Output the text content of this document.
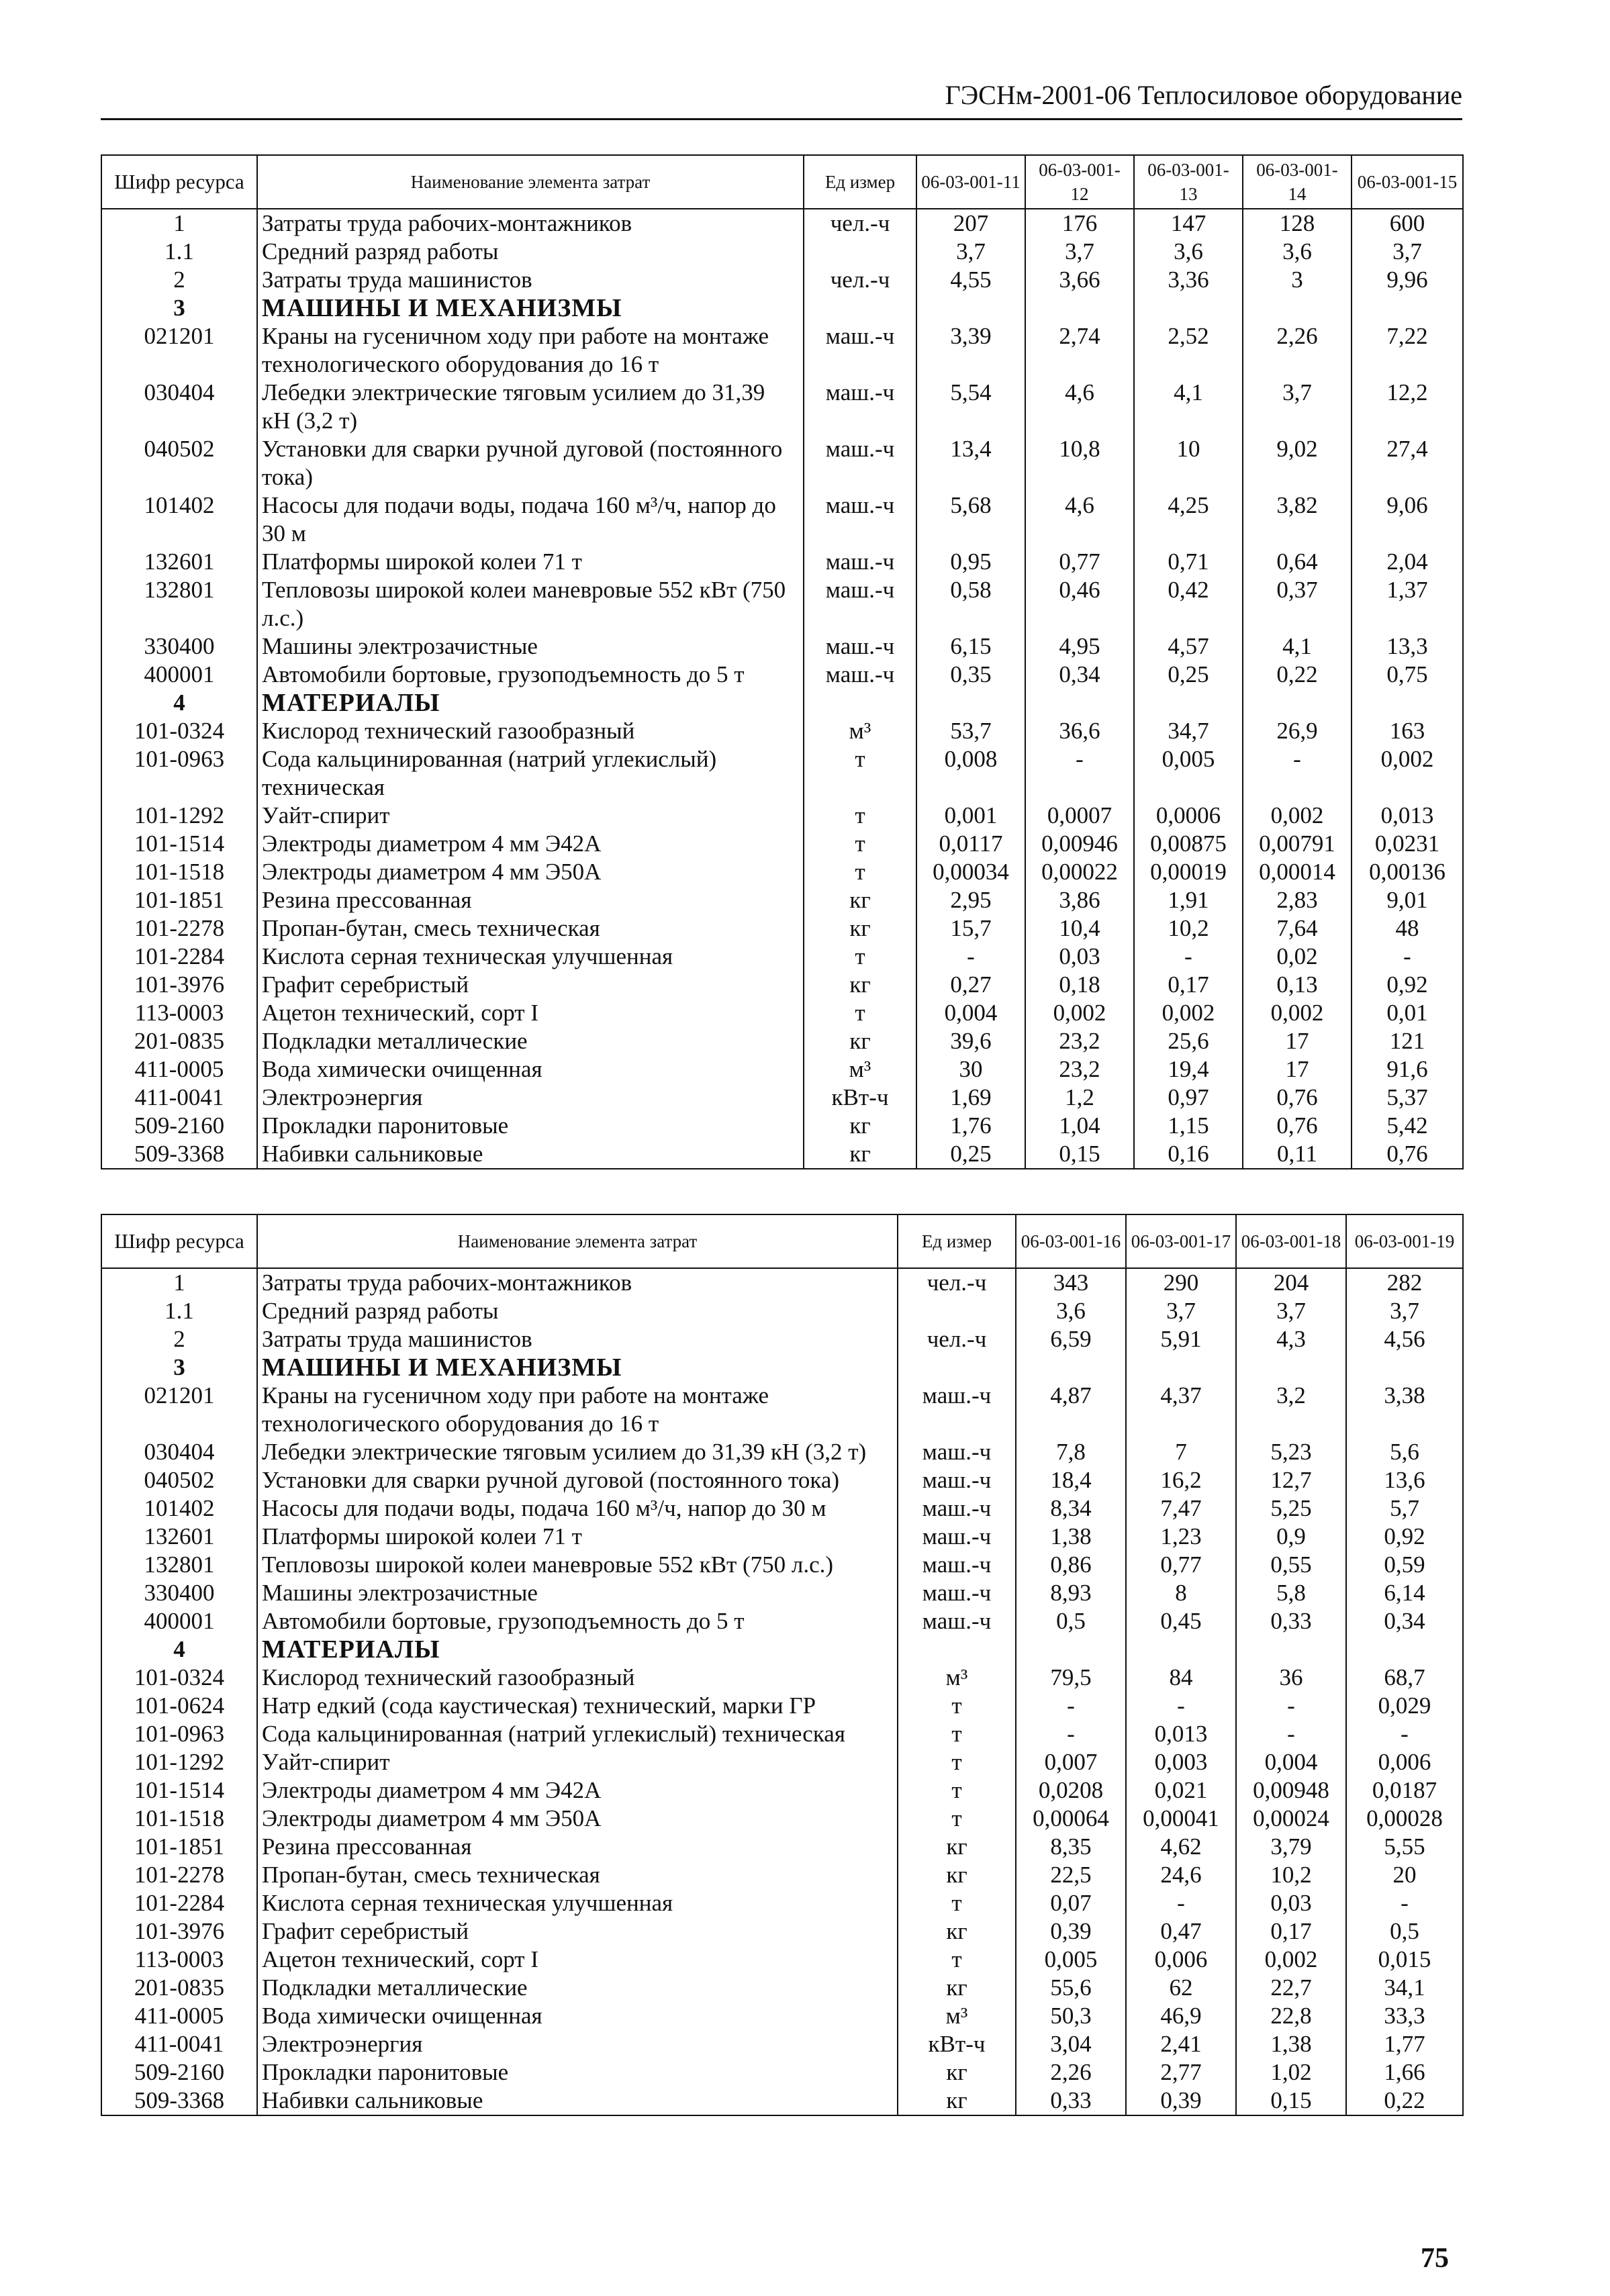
ГЭСНм-2001-06 Теплосиловое оборудование
Шифр ресурса	Наименование элемента затрат	Ед измер	06-03-001-11	06-03-001-12	06-03-001-13	06-03-001-14	06-03-001-15
1	Затраты труда рабочих-монтажников	чел.-ч	207	176	147	128	600
1.1	Средний разряд работы		3,7	3,7	3,6	3,6	3,7
2	Затраты труда машинистов	чел.-ч	4,55	3,66	3,36	3	9,96
3	МАШИНЫ И МЕХАНИЗМЫ						
021201	Краны на гусеничном ходу при работе на монтаже технологического оборудования до 16 т	маш.-ч	3,39	2,74	2,52	2,26	7,22
030404	Лебедки электрические тяговым усилием до 31,39 кН (3,2 т)	маш.-ч	5,54	4,6	4,1	3,7	12,2
040502	Установки для сварки ручной дуговой (постоянного тока)	маш.-ч	13,4	10,8	10	9,02	27,4
101402	Насосы для подачи воды, подача 160 м³/ч, напор до 30 м	маш.-ч	5,68	4,6	4,25	3,82	9,06
132601	Платформы широкой колеи 71 т	маш.-ч	0,95	0,77	0,71	0,64	2,04
132801	Тепловозы широкой колеи маневровые 552 кВт (750 л.с.)	маш.-ч	0,58	0,46	0,42	0,37	1,37
330400	Машины электрозачистные	маш.-ч	6,15	4,95	4,57	4,1	13,3
400001	Автомобили бортовые, грузоподъемность до 5 т	маш.-ч	0,35	0,34	0,25	0,22	0,75
4	МАТЕРИАЛЫ						
101-0324	Кислород технический газообразный	м³	53,7	36,6	34,7	26,9	163
101-0963	Сода кальцинированная (натрий углекислый) техническая	т	0,008	-	0,005	-	0,002
101-1292	Уайт-спирит	т	0,001	0,0007	0,0006	0,002	0,013
101-1514	Электроды диаметром 4 мм Э42А	т	0,0117	0,00946	0,00875	0,00791	0,0231
101-1518	Электроды диаметром 4 мм Э50А	т	0,00034	0,00022	0,00019	0,00014	0,00136
101-1851	Резина прессованная	кг	2,95	3,86	1,91	2,83	9,01
101-2278	Пропан-бутан, смесь техническая	кг	15,7	10,4	10,2	7,64	48
101-2284	Кислота серная техническая улучшенная	т	-	0,03	-	0,02	-
101-3976	Графит серебристый	кг	0,27	0,18	0,17	0,13	0,92
113-0003	Ацетон технический, сорт I	т	0,004	0,002	0,002	0,002	0,01
201-0835	Подкладки металлические	кг	39,6	23,2	25,6	17	121
411-0005	Вода химически очищенная	м³	30	23,2	19,4	17	91,6
411-0041	Электроэнергия	кВт-ч	1,69	1,2	0,97	0,76	5,37
509-2160	Прокладки паронитовые	кг	1,76	1,04	1,15	0,76	5,42
509-3368	Набивки сальниковые	кг	0,25	0,15	0,16	0,11	0,76
Шифр ресурса	Наименование элемента затрат	Ед измер	06-03-001-16	06-03-001-17	06-03-001-18	06-03-001-19
1	Затраты труда рабочих-монтажников	чел.-ч	343	290	204	282
1.1	Средний разряд работы		3,6	3,7	3,7	3,7
2	Затраты труда машинистов	чел.-ч	6,59	5,91	4,3	4,56
3	МАШИНЫ И МЕХАНИЗМЫ					
021201	Краны на гусеничном ходу при работе на монтаже технологического оборудования до 16 т	маш.-ч	4,87	4,37	3,2	3,38
030404	Лебедки электрические тяговым усилием до 31,39 кН (3,2 т)	маш.-ч	7,8	7	5,23	5,6
040502	Установки для сварки ручной дуговой (постоянного тока)	маш.-ч	18,4	16,2	12,7	13,6
101402	Насосы для подачи воды, подача 160 м³/ч, напор до 30 м	маш.-ч	8,34	7,47	5,25	5,7
132601	Платформы широкой колеи 71 т	маш.-ч	1,38	1,23	0,9	0,92
132801	Тепловозы широкой колеи маневровые 552 кВт (750 л.с.)	маш.-ч	0,86	0,77	0,55	0,59
330400	Машины электрозачистные	маш.-ч	8,93	8	5,8	6,14
400001	Автомобили бортовые, грузоподъемность до 5 т	маш.-ч	0,5	0,45	0,33	0,34
4	МАТЕРИАЛЫ					
101-0324	Кислород технический газообразный	м³	79,5	84	36	68,7
101-0624	Натр едкий (сода каустическая) технический, марки ГР	т	-	-	-	0,029
101-0963	Сода кальцинированная (натрий углекислый) техническая	т	-	0,013	-	-
101-1292	Уайт-спирит	т	0,007	0,003	0,004	0,006
101-1514	Электроды диаметром 4 мм Э42А	т	0,0208	0,021	0,00948	0,0187
101-1518	Электроды диаметром 4 мм Э50А	т	0,00064	0,00041	0,00024	0,00028
101-1851	Резина прессованная	кг	8,35	4,62	3,79	5,55
101-2278	Пропан-бутан, смесь техническая	кг	22,5	24,6	10,2	20
101-2284	Кислота серная техническая улучшенная	т	0,07	-	0,03	-
101-3976	Графит серебристый	кг	0,39	0,47	0,17	0,5
113-0003	Ацетон технический, сорт I	т	0,005	0,006	0,002	0,015
201-0835	Подкладки металлические	кг	55,6	62	22,7	34,1
411-0005	Вода химически очищенная	м³	50,3	46,9	22,8	33,3
411-0041	Электроэнергия	кВт-ч	3,04	2,41	1,38	1,77
509-2160	Прокладки паронитовые	кг	2,26	2,77	1,02	1,66
509-3368	Набивки сальниковые	кг	0,33	0,39	0,15	0,22
75
